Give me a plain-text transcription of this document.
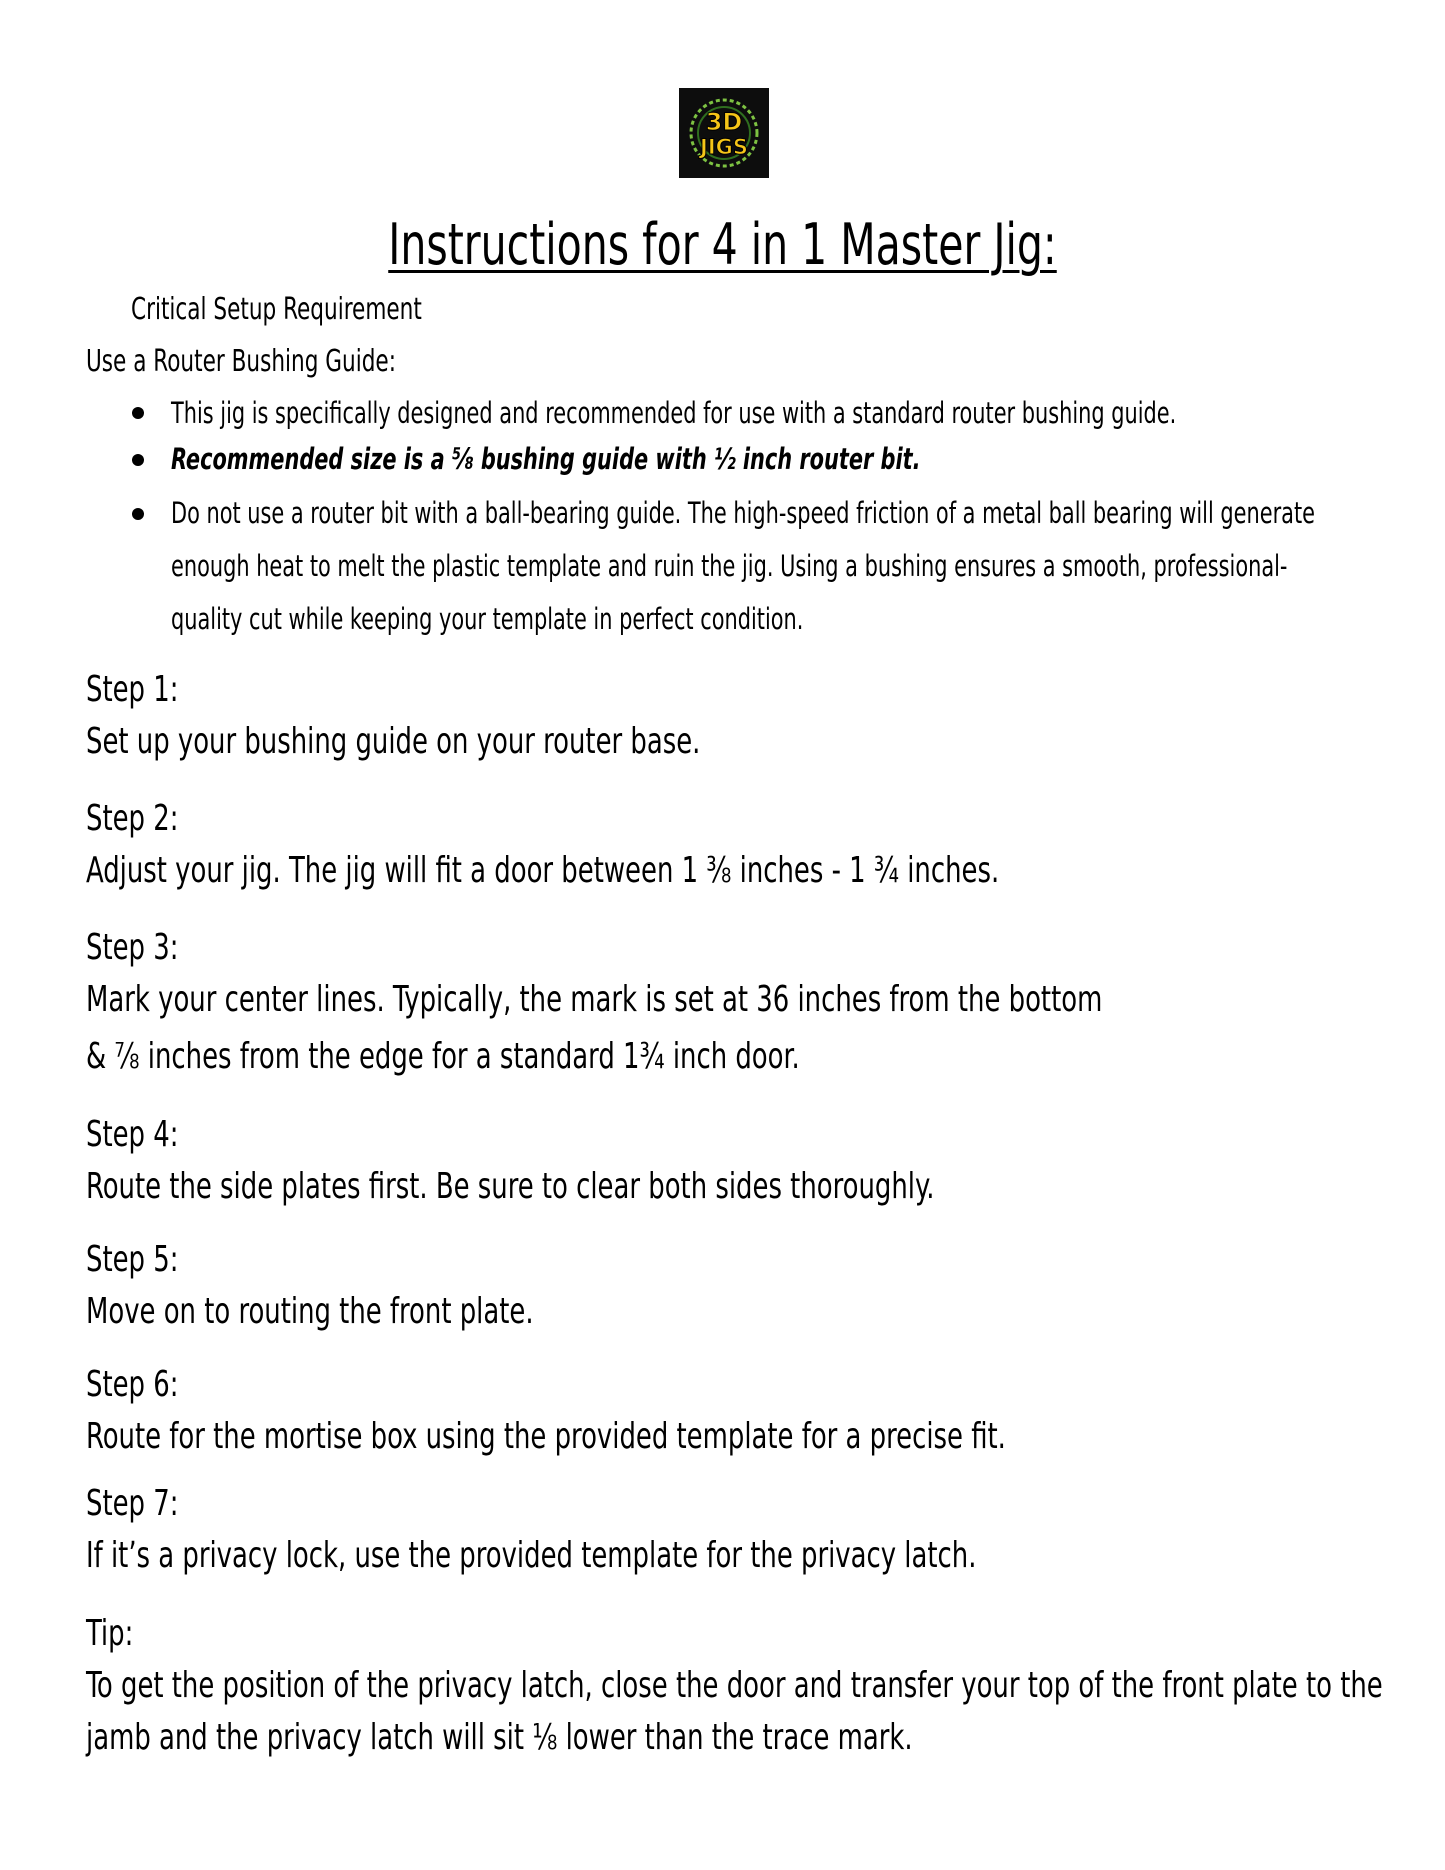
3D
JIGS
Instructions for 4 in 1 Master Jig:
Critical Setup Requirement
Use a Router Bushing Guide:
This jig is specifically designed and recommended for use with a standard router bushing guide.
Recommended size is a ⅝ bushing guide with ½ inch router bit.
Do not use a router bit with a ball-bearing guide. The high-speed friction of a metal ball bearing will generate enough heat to melt the plastic template and ruin the jig. Using a bushing ensures a smooth, professional-quality cut while keeping your template in perfect condition.
Step 1:
Set up your bushing guide on your router base.
Step 2:
Adjust your jig. The jig will fit a door between 1 ⅜ inches - 1 ¾ inches.
Step 3:
Mark your center lines. Typically, the mark is set at 36 inches from the bottom
& ⅞ inches from the edge for a standard 1¾ inch door.
Step 4:
Route the side plates first. Be sure to clear both sides thoroughly.
Step 5:
Move on to routing the front plate.
Step 6:
Route for the mortise box using the provided template for a precise fit.
Step 7:
If it’s a privacy lock, use the provided template for the privacy latch.
Tip:
To get the position of the privacy latch, close the door and transfer your top of the front plate to the
jamb and the privacy latch will sit ⅛ lower than the trace mark.
